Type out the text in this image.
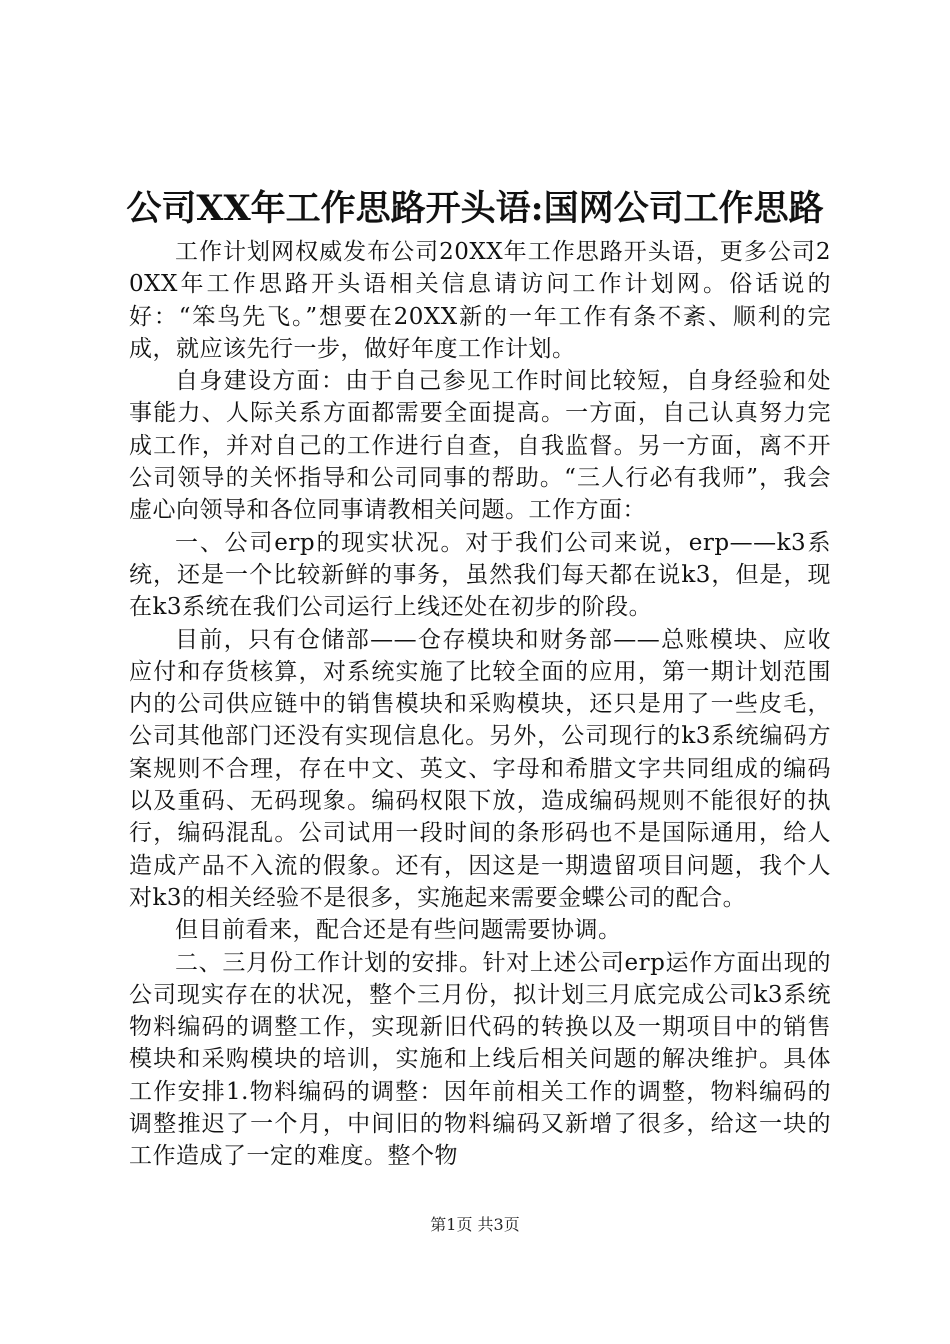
公司XX年工作思路开头语:国网公司工作思路

工作计划网权威发布公司20XX年工作思路开头语，更多公司20XX年工作思路开头语相关信息请访问工作计划网。俗话说的好：“笨鸟先飞。”想要在20XX新的一年工作有条不紊、顺利的完成，就应该先行一步，做好年度工作计划。

自身建设方面：由于自己参见工作时间比较短，自身经验和处事能力、人际关系方面都需要全面提高。一方面，自己认真努力完成工作，并对自己的工作进行自查，自我监督。另一方面，离不开公司领导的关怀指导和公司同事的帮助。“三人行必有我师”，我会虚心向领导和各位同事请教相关问题。工作方面：

一、公司erp的现实状况。对于我们公司来说，erp——k3系统，还是一个比较新鲜的事务，虽然我们每天都在说k3，但是，现在k3系统在我们公司运行上线还处在初步的阶段。

目前，只有仓储部——仓存模块和财务部——总账模块、应收应付和存货核算，对系统实施了比较全面的应用，第一期计划范围内的公司供应链中的销售模块和采购模块，还只是用了一些皮毛，公司其他部门还没有实现信息化。另外，公司现行的k3系统编码方案规则不合理，存在中文、英文、字母和希腊文字共同组成的编码以及重码、无码现象。编码权限下放，造成编码规则不能很好的执行，编码混乱。公司试用一段时间的条形码也不是国际通用，给人造成产品不入流的假象。还有，因这是一期遗留项目问题，我个人对k3的相关经验不是很多，实施起来需要金蝶公司的配合。

但目前看来，配合还是有些问题需要协调。

二、三月份工作计划的安排。针对上述公司erp运作方面出现的公司现实存在的状况，整个三月份，拟计划三月底完成公司k3系统物料编码的调整工作，实现新旧代码的转换以及一期项目中的销售模块和采购模块的培训，实施和上线后相关问题的解决维护。具体工作安排1.物料编码的调整：因年前相关工作的调整，物料编码的调整推迟了一个月，中间旧的物料编码又新增了很多，给这一块的工作造成了一定的难度。整个物

第1页 共3页
